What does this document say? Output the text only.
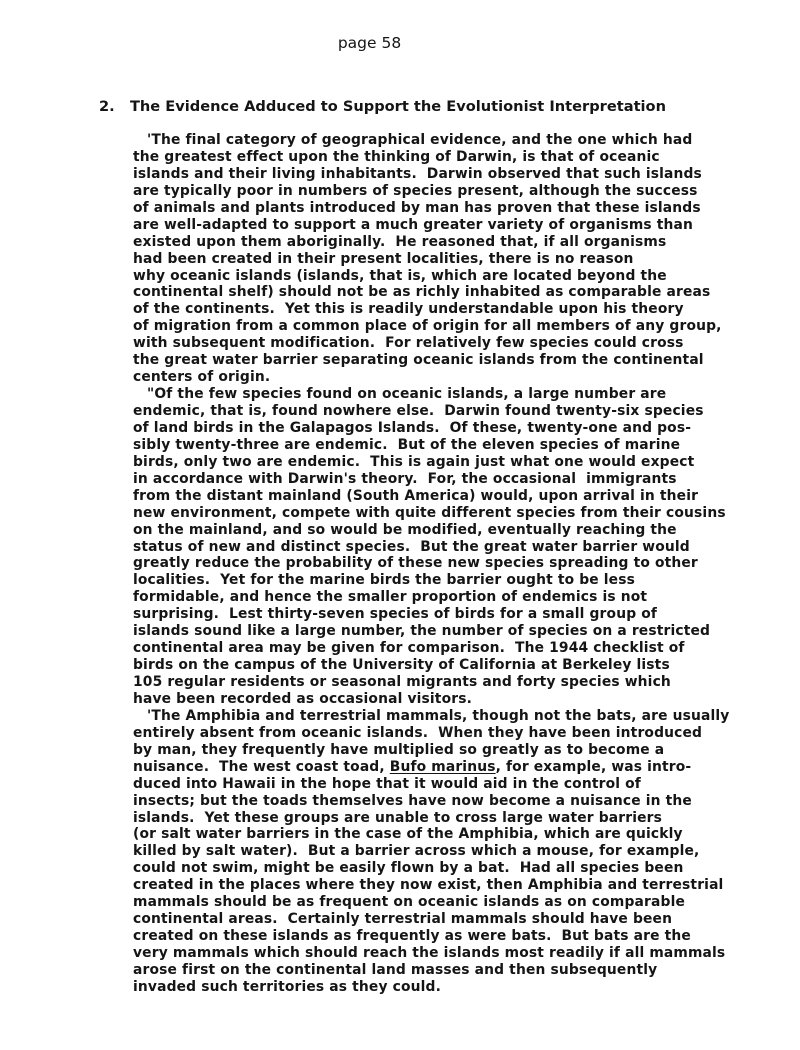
page 58
2. The Evidence Adduced to Support the Evolutionist Interpretation
'The final category of geographical evidence, and the one which had
the greatest effect upon the thinking of Darwin, is that of oceanic
islands and their living inhabitants.  Darwin observed that such islands
are typically poor in numbers of species present, although the success
of animals and plants introduced by man has proven that these islands
are well-adapted to support a much greater variety of organisms than
existed upon them aboriginally.  He reasoned that, if all organisms
had been created in their present localities, there is no reason
why oceanic islands (islands, that is, which are located beyond the
continental shelf) should not be as richly inhabited as comparable areas
of the continents.  Yet this is readily understandable upon his theory
of migration from a common place of origin for all members of any group,
with subsequent modification.  For relatively few species could cross
the great water barrier separating oceanic islands from the continental
centers of origin.
"Of the few species found on oceanic islands, a large number are
endemic, that is, found nowhere else.  Darwin found twenty-six species
of land birds in the Galapagos Islands.  Of these, twenty-one and pos-
sibly twenty-three are endemic.  But of the eleven species of marine
birds, only two are endemic.  This is again just what one would expect
in accordance with Darwin's theory.  For, the occasional  immigrants
from the distant mainland (South America) would, upon arrival in their
new environment, compete with quite different species from their cousins
on the mainland, and so would be modified, eventually reaching the
status of new and distinct species.  But the great water barrier would
greatly reduce the probability of these new species spreading to other
localities.  Yet for the marine birds the barrier ought to be less
formidable, and hence the smaller proportion of endemics is not
surprising.  Lest thirty-seven species of birds for a small group of
islands sound like a large number, the number of species on a restricted
continental area may be given for comparison.  The 1944 checklist of
birds on the campus of the University of California at Berkeley lists
105 regular residents or seasonal migrants and forty species which
have been recorded as occasional visitors.
'The Amphibia and terrestrial mammals, though not the bats, are usually
entirely absent from oceanic islands.  When they have been introduced
by man, they frequently have multiplied so greatly as to become a
nuisance.  The west coast toad, Bufo marinus, for example, was intro-
duced into Hawaii in the hope that it would aid in the control of
insects; but the toads themselves have now become a nuisance in the
islands.  Yet these groups are unable to cross large water barriers
(or salt water barriers in the case of the Amphibia, which are quickly
killed by salt water).  But a barrier across which a mouse, for example,
could not swim, might be easily flown by a bat.  Had all species been
created in the places where they now exist, then Amphibia and terrestrial
mammals should be as frequent on oceanic islands as on comparable
continental areas.  Certainly terrestrial mammals should have been
created on these islands as frequently as were bats.  But bats are the
very mammals which should reach the islands most readily if all mammals
arose first on the continental land masses and then subsequently
invaded such territories as they could.
